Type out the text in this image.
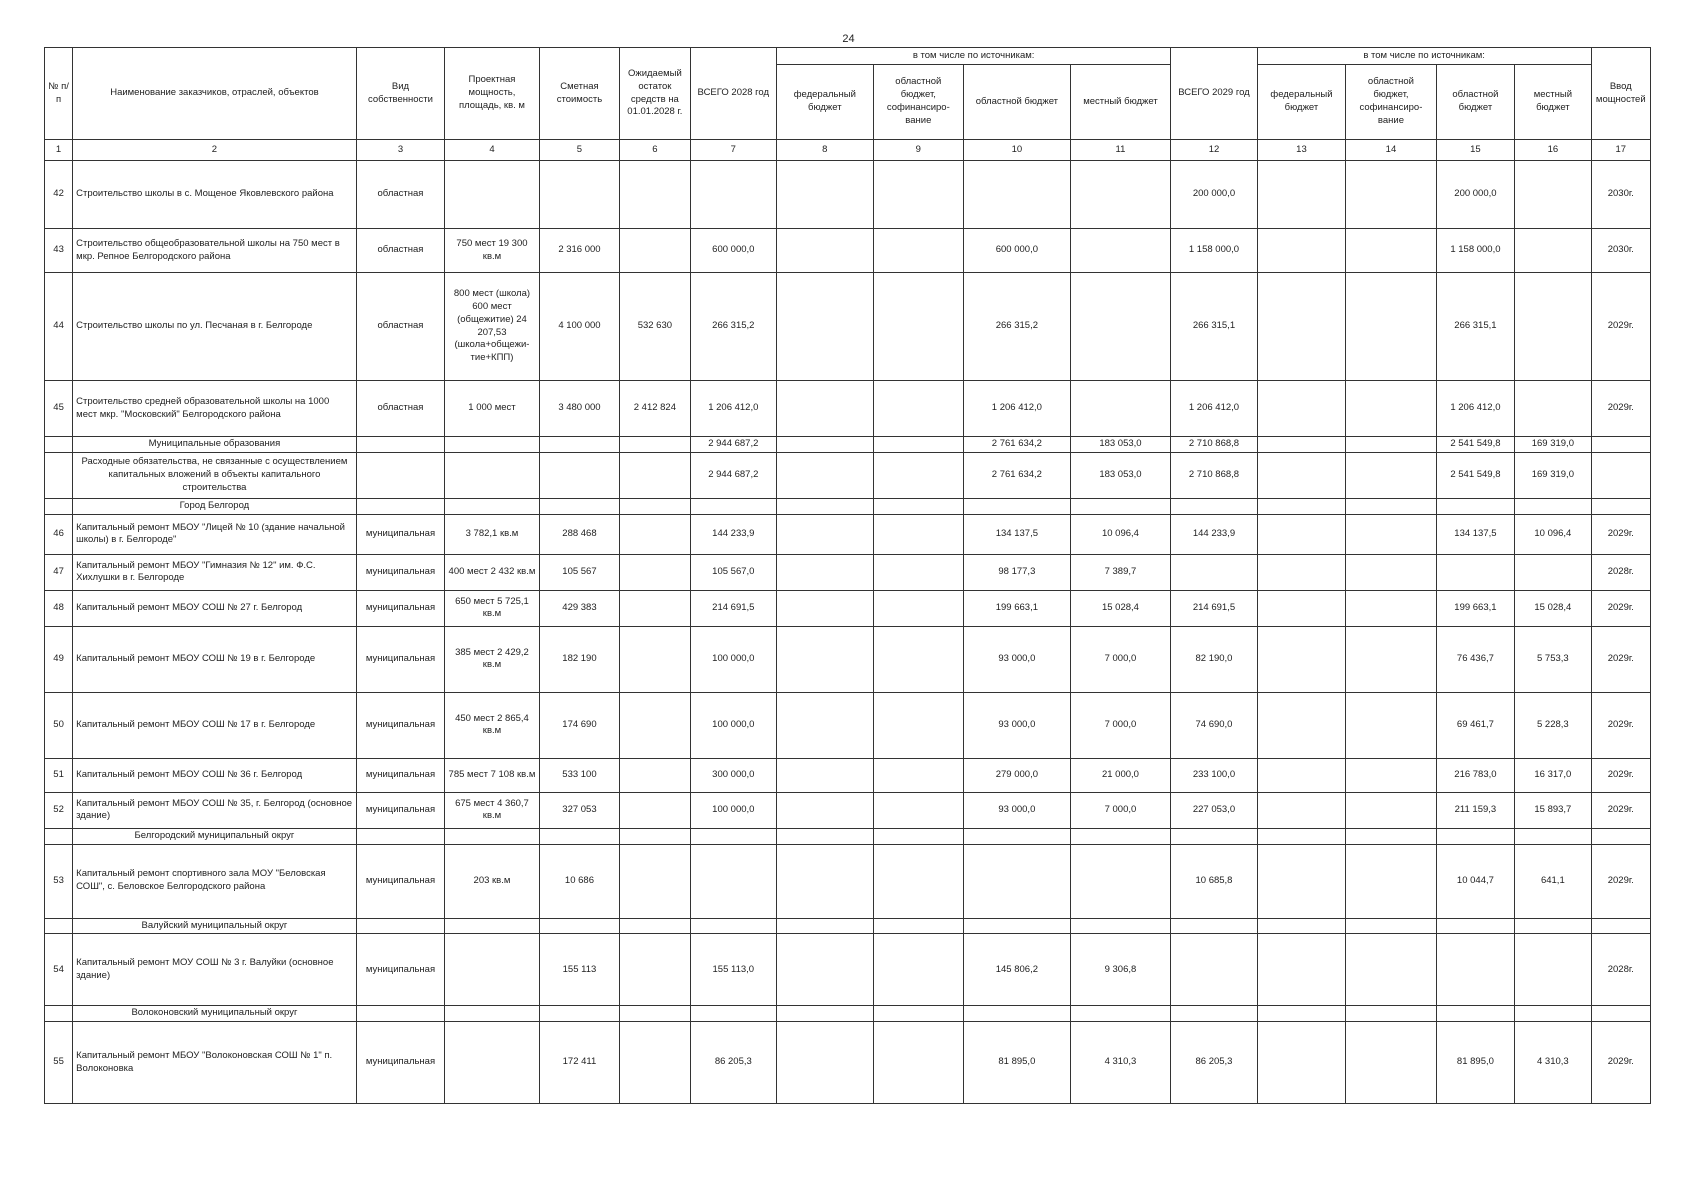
24
№ п/п	Наименование заказчиков, отраслей, объектов	Вид собственности	Проектная мощность, площадь, кв. м	Сметная стоимость	Ожидаемый остаток средств на 01.01.2028 г.	ВСЕГО 2028 год	в том числе по источникам:				ВСЕГО 2029 год	в том числе по источникам:				Ввод мощностей
							федеральный бюджет	областной бюджет, софинансиро-вание	областной бюджет	местный бюджет		федеральный бюджет	областной бюджет, софинансиро-вание	областной бюджет	местный бюджет	
1	2	3	4	5	6	7	8	9	10	11	12	13	14	15	16	17
42	Строительство школы в с. Мощеное Яковлевского района	областная									200 000,0			200 000,0		2030г.
43	Строительство общеобразовательной школы на 750 мест в мкр. Репное Белгородского района	областная	750 мест 19 300 кв.м	2 316 000		600 000,0			600 000,0		1 158 000,0			1 158 000,0		2030г.
44	Строительство школы по ул. Песчаная в г. Белгороде	областная	800 мест (школа) 600 мест (общежитие) 24 207,53 (школа+общежи-тие+КПП)	4 100 000	532 630	266 315,2			266 315,2		266 315,1			266 315,1		2029г.
45	Строительство средней образовательной школы на 1000 мест мкр. "Московский" Белгородского района	областная	1 000 мест	3 480 000	2 412 824	1 206 412,0			1 206 412,0		1 206 412,0			1 206 412,0		2029г.
	Муниципальные образования					2 944 687,2			2 761 634,2	183 053,0	2 710 868,8			2 541 549,8	169 319,0	
	Расходные обязательства, не связанные с осуществлением капитальных вложений в объекты капитального строительства					2 944 687,2			2 761 634,2	183 053,0	2 710 868,8			2 541 549,8	169 319,0	
	Город Белгород															
46	Капитальный ремонт МБОУ "Лицей № 10 (здание начальной школы) в г. Белгороде"	муниципальная	3 782,1 кв.м	288 468		144 233,9			134 137,5	10 096,4	144 233,9			134 137,5	10 096,4	2029г.
47	Капитальный ремонт МБОУ "Гимназия № 12" им. Ф.С. Хихлушки в г. Белгороде	муниципальная	400 мест 2 432 кв.м	105 567		105 567,0			98 177,3	7 389,7						2028г.
48	Капитальный ремонт МБОУ СОШ № 27 г. Белгород	муниципальная	650 мест 5 725,1 кв.м	429 383		214 691,5			199 663,1	15 028,4	214 691,5			199 663,1	15 028,4	2029г.
49	Капитальный ремонт МБОУ СОШ № 19 в г. Белгороде	муниципальная	385 мест 2 429,2 кв.м	182 190		100 000,0			93 000,0	7 000,0	82 190,0			76 436,7	5 753,3	2029г.
50	Капитальный ремонт МБОУ СОШ № 17 в г. Белгороде	муниципальная	450 мест 2 865,4 кв.м	174 690		100 000,0			93 000,0	7 000,0	74 690,0			69 461,7	5 228,3	2029г.
51	Капитальный ремонт МБОУ СОШ № 36 г. Белгород	муниципальная	785 мест 7 108 кв.м	533 100		300 000,0			279 000,0	21 000,0	233 100,0			216 783,0	16 317,0	2029г.
52	Капитальный ремонт МБОУ СОШ № 35, г. Белгород (основное здание)	муниципальная	675 мест 4 360,7 кв.м	327 053		100 000,0			93 000,0	7 000,0	227 053,0			211 159,3	15 893,7	2029г.
	Белгородский муниципальный округ															
53	Капитальный ремонт спортивного зала МОУ "Беловская СОШ", с. Беловское Белгородского района	муниципальная	203 кв.м	10 686							10 685,8			10 044,7	641,1	2029г.
	Валуйский муниципальный округ															
54	Капитальный ремонт МОУ СОШ № 3 г. Валуйки (основное здание)	муниципальная		155 113		155 113,0			145 806,2	9 306,8						2028г.
	Волоконовский муниципальный округ															
55	Капитальный ремонт МБОУ "Волоконовская СОШ № 1" п. Волоконовка	муниципальная		172 411		86 205,3			81 895,0	4 310,3	86 205,3			81 895,0	4 310,3	2029г.
